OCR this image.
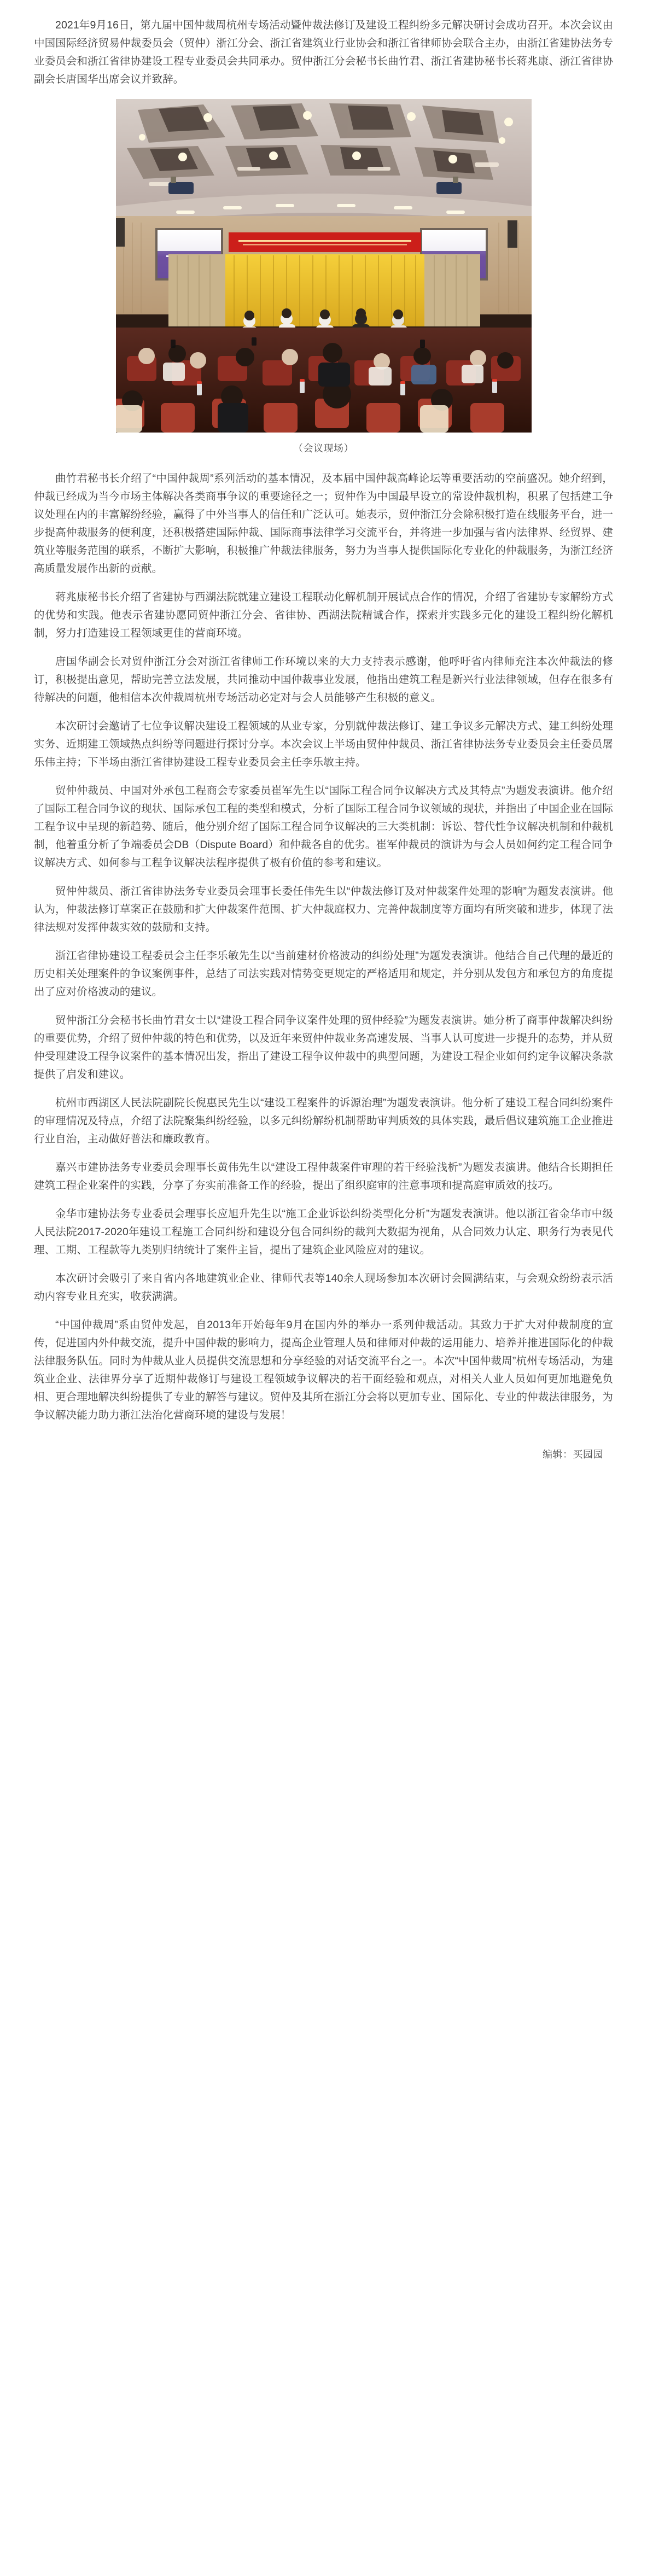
2021年9月16日，第九届中国仲裁周杭州专场活动暨仲裁法修订及建设工程纠纷多元解决研讨会成功召开。本次会议由中国国际经济贸易仲裁委员会（贸仲）浙江分会、浙江省建筑业行业协会和浙江省律师协会联合主办，由浙江省建协法务专业委员会和浙江省律协建设工程专业委员会共同承办。贸仲浙江分会秘书长曲竹君、浙江省建协秘书长蒋兆康、浙江省律协副会长唐国华出席会议并致辞。

（会议现场）

曲竹君秘书长介绍了“中国仲裁周”系列活动的基本情况，及本届中国仲裁高峰论坛等重要活动的空前盛况。她介绍到，仲裁已经成为当今市场主体解决各类商事争议的重要途径之一；贸仲作为中国最早设立的常设仲裁机构，积累了包括建工争议处理在内的丰富解纷经验，赢得了中外当事人的信任和广泛认可。她表示，贸仲浙江分会除积极打造在线服务平台，进一步提高仲裁服务的便利度，还积极搭建国际仲裁、国际商事法律学习交流平台，并将进一步加强与省内法律界、经贸界、建筑业等服务范围的联系，不断扩大影响，积极推广仲裁法律服务，努力为当事人提供国际化专业化的仲裁服务，为浙江经济高质量发展作出新的贡献。

蒋兆康秘书长介绍了省建协与西湖法院就建立建设工程联动化解机制开展试点合作的情况，介绍了省建协专家解纷方式的优势和实践。他表示省建协愿同贸仲浙江分会、省律协、西湖法院精诚合作，探索并实践多元化的建设工程纠纷化解机制，努力打造建设工程领域更佳的营商环境。

唐国华副会长对贸仲浙江分会对浙江省律师工作环境以来的大力支持表示感谢，他呼吁省内律师充注本次仲裁法的修订，积极提出意见，帮助完善立法发展，共同推动中国仲裁事业发展，他指出建筑工程是新兴行业法律领域，但存在很多有待解决的问题，他相信本次仲裁周杭州专场活动必定对与会人员能够产生积极的意义。

本次研讨会邀请了七位争议解决建设工程领域的从业专家，分别就仲裁法修订、建工争议多元解决方式、建工纠纷处理实务、近期建工领域热点纠纷等问题进行探讨分享。本次会议上半场由贸仲仲裁员、浙江省律协法务专业委员会主任委员屠乐伟主持；下半场由浙江省律协建设工程专业委员会主任李乐敏主持。

贸仲仲裁员、中国对外承包工程商会专家委员崔军先生以“国际工程合同争议解决方式及其特点”为题发表演讲。他介绍了国际工程合同争议的现状、国际承包工程的类型和模式，分析了国际工程合同争议领域的现状，并指出了中国企业在国际工程争议中呈现的新趋势、随后，他分别介绍了国际工程合同争议解决的三大类机制：诉讼、替代性争议解决机制和仲裁机制，他着重分析了争端委员会DB（Dispute Board）和仲裁各自的优劣。崔军仲裁员的演讲为与会人员如何约定工程合同争议解决方式、如何参与工程争议解决法程序提供了极有价值的参考和建议。

贸仲仲裁员、浙江省律协法务专业委员会理事长委任伟先生以“仲裁法修订及对仲裁案件处理的影响”为题发表演讲。他认为，仲裁法修订草案正在鼓励和扩大仲裁案件范围、扩大仲裁庭权力、完善仲裁制度等方面均有所突破和进步，体现了法律法规对发挥仲裁实效的鼓励和支持。

浙江省律协建设工程委员会主任李乐敏先生以“当前建材价格波动的纠纷处理”为题发表演讲。他结合自己代理的最近的历史相关处理案件的争议案例事件，总结了司法实践对情势变更规定的严格适用和规定，并分别从发包方和承包方的角度提出了应对价格波动的建议。

贸仲浙江分会秘书长曲竹君女士以“建设工程合同争议案件处理的贸仲经验”为题发表演讲。她分析了商事仲裁解决纠纷的重要优势，介绍了贸仲仲裁的特色和优势，以及近年来贸仲仲裁业务高速发展、当事人认可度进一步提升的态势，并从贸仲受理建设工程争议案件的基本情况出发，指出了建设工程争议仲裁中的典型问题，为建设工程企业如何约定争议解决条款提供了启发和建议。

杭州市西湖区人民法院副院长倪惠民先生以“建设工程案件的诉源治理”为题发表演讲。他分析了建设工程合同纠纷案件的审理情况及特点，介绍了法院聚集纠纷经验，以多元纠纷解纷机制帮助审判质效的具体实践，最后倡议建筑施工企业推进行业自治，主动做好普法和廉政教育。

嘉兴市建协法务专业委员会理事长黄伟先生以“建设工程仲裁案件审理的若干经验浅析”为题发表演讲。他结合长期担任建筑工程企业案件的实践，分享了夯实前准备工作的经验，提出了组织庭审的注意事项和提高庭审质效的技巧。

金华市建协法务专业委员会理事长应旭升先生以“施工企业诉讼纠纷类型化分析”为题发表演讲。他以浙江省金华市中级人民法院2017-2020年建设工程施工合同纠纷和建设分包合同纠纷的裁判大数据为视角，从合同效力认定、职务行为表见代理、工期、工程款等九类别归纳统计了案件主旨，提出了建筑企业风险应对的建议。

本次研讨会吸引了来自省内各地建筑业企业、律师代表等140余人现场参加本次研讨会圆满结束，与会观众纷纷表示活动内容专业且充实，收获满满。

“中国仲裁周”系由贸仲发起，自2013年开始每年9月在国内外的举办一系列仲裁活动。其致力于扩大对仲裁制度的宣传，促进国内外仲裁交流，提升中国仲裁的影响力，提高企业管理人员和律师对仲裁的运用能力、培养并推进国际化的仲裁法律服务队伍。同时为仲裁从业人员提供交流思想和分享经验的对话交流平台之一。本次“中国仲裁周”杭州专场活动，为建筑业企业、法律界分享了近期仲裁修订与建设工程领域争议解决的若干面经验和观点，对相关人业人员如何更加地避免负相、更合理地解决纠纷提供了专业的解答与建议。贸仲及其所在浙江分会将以更加专业、国际化、专业的仲裁法律服务，为争议解决能力助力浙江法治化营商环境的建设与发展！

编辑：买园园
